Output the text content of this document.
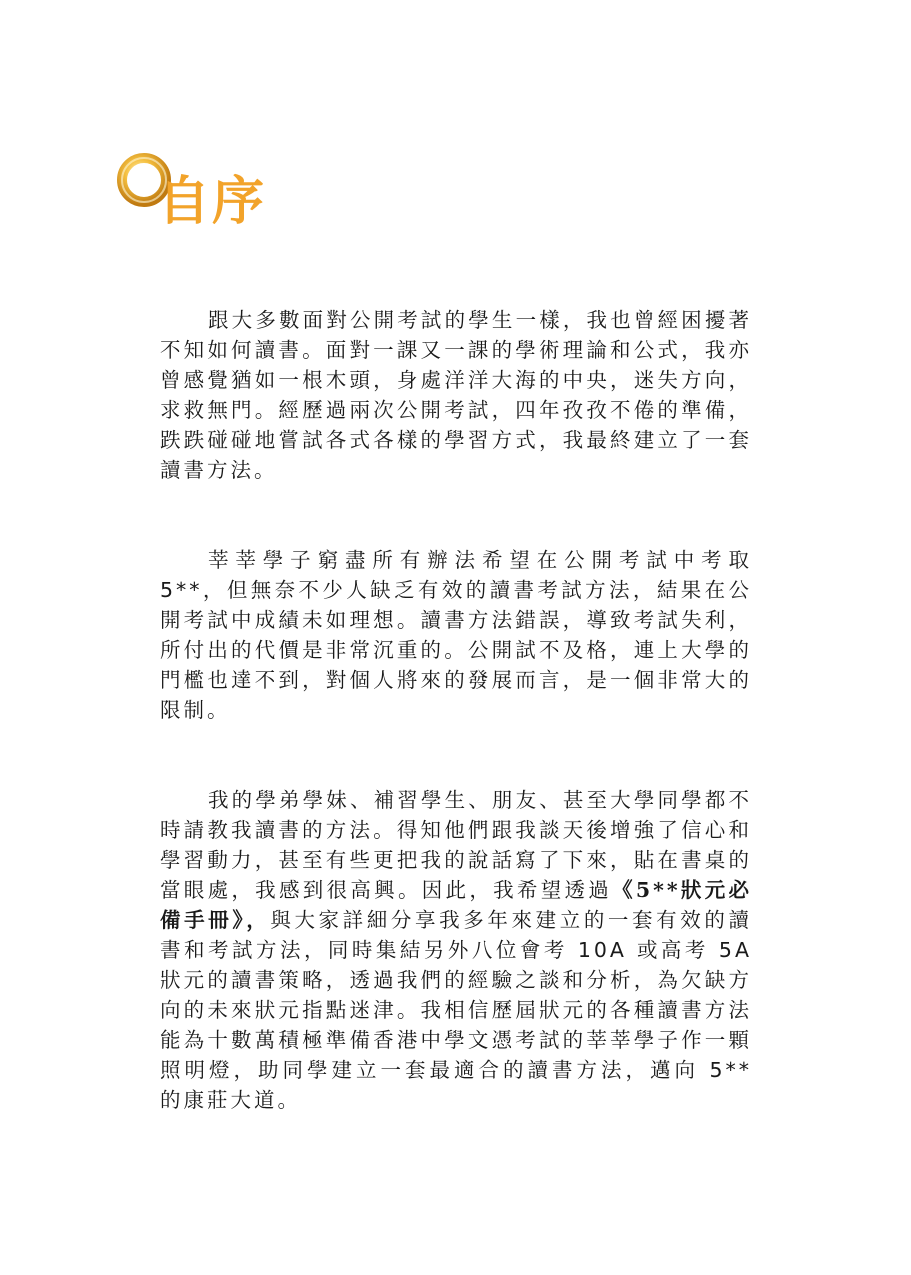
自序

跟大多數面對公開考試的學生一樣，我也曾經困擾著不知如何讀書。面對一課又一課的學術理論和公式，我亦曾感覺猶如一根木頭，身處洋洋大海的中央，迷失方向，求救無門。經歷過兩次公開考試，四年孜孜不倦的準備，跌跌碰碰地嘗試各式各樣的學習方式，我最終建立了一套讀書方法。

莘莘學子窮盡所有辦法希望在公開考試中考取 5**，但無奈不少人缺乏有效的讀書考試方法，結果在公開考試中成績未如理想。讀書方法錯誤，導致考試失利，所付出的代價是非常沉重的。公開試不及格，連上大學的門檻也達不到，對個人將來的發展而言，是一個非常大的限制。

我的學弟學妹、補習學生、朋友、甚至大學同學都不時請教我讀書的方法。得知他們跟我談天後增強了信心和學習動力，甚至有些更把我的說話寫了下來，貼在書桌的當眼處，我感到很高興。因此，我希望透過《5**狀元必備手冊》，與大家詳細分享我多年來建立的一套有效的讀書和考試方法，同時集結另外八位會考 10A 或高考 5A 狀元的讀書策略，透過我們的經驗之談和分析，為欠缺方向的未來狀元指點迷津。我相信歷屆狀元的各種讀書方法能為十數萬積極準備香港中學文憑考試的莘莘學子作一顆照明燈，助同學建立一套最適合的讀書方法，邁向 5**的康莊大道。
